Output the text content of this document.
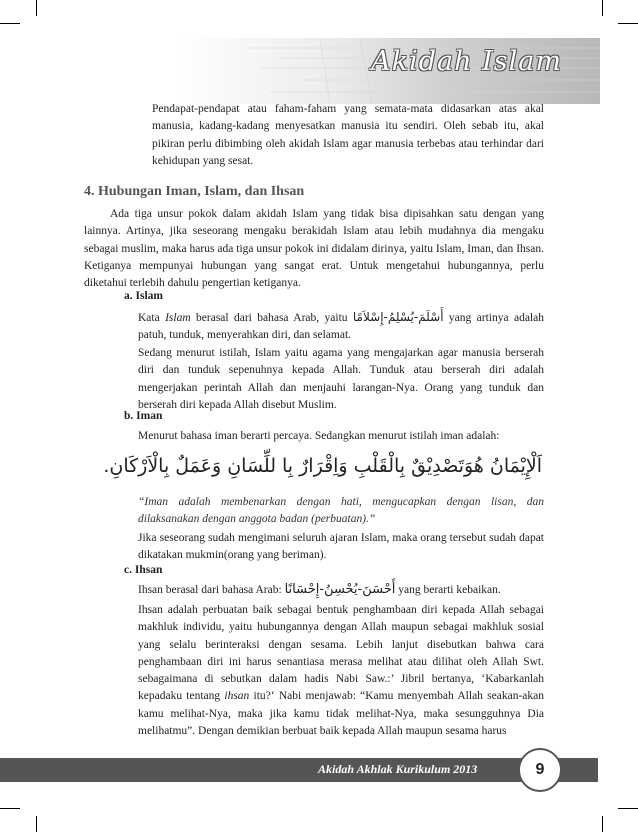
Akidah Islam

Pendapat-pendapat atau faham-faham yang semata-mata didasarkan atas akal manusia, kadang-kadang menyesatkan manusia itu sendiri. Oleh sebab itu, akal pikiran perlu dibimbing oleh akidah Islam agar manusia terbebas atau terhindar dari kehidupan yang sesat.

4. Hubungan Iman, Islam, dan Ihsan

Ada tiga unsur pokok dalam akidah Islam yang tidak bisa dipisahkan satu dengan yang lainnya. Artinya, jika seseorang mengaku berakidah Islam atau lebih mudahnya dia mengaku sebagai muslim, maka harus ada tiga unsur pokok ini didalam dirinya, yaitu Islam, Iman, dan Ihsan. Ketiganya mempunyai hubungan yang sangat erat. Untuk mengetahui hubungannya, perlu diketahui terlebih dahulu pengertian ketiganya.

a. Islam

Kata Islam berasal dari bahasa Arab, yaitu أَسْلَمَ-يُسْلِمُ-إِسْلاَمًا yang artinya adalah patuh, tunduk, menyerahkan diri, dan selamat.

Sedang menurut istilah, Islam yaitu agama yang mengajarkan agar manusia berserah diri dan tunduk sepenuhnya kepada Allah. Tunduk atau berserah diri adalah mengerjakan perintah Allah dan menjauhi larangan-Nya. Orang yang tunduk dan berserah diri kepada Allah disebut Muslim.

b. Iman

Menurut bahasa iman berarti percaya. Sedangkan menurut istilah iman adalah:

اَلْإِيْمَانُ هُوَتَصْدِيْقٌ بِالْقَلْبِ وَاِقْرَارٌ بِا للِّسَانِ وَعَمَلٌ بِالْاَرْكَانِ.

“Iman adalah membenarkan dengan hati, mengucapkan dengan lisan, dan dilaksanakan dengan anggota badan (perbuatan).”

Jika seseorang sudah mengimani seluruh ajaran Islam, maka orang tersebut sudah dapat dikatakan mukmin(orang yang beriman).

c. Ihsan

Ihsan berasal dari bahasa Arab: أَحْسَنَ-يُحْسِنُ-إِحْسَانًا yang berarti kebaikan.

Ihsan adalah perbuatan baik sebagai bentuk penghambaan diri kepada Allah sebagai makhluk individu, yaitu hubungannya dengan Allah maupun sebagai makhluk sosial yang selalu berinteraksi dengan sesama. Lebih lanjut disebutkan bahwa cara penghambaan diri ini harus senantiasa merasa melihat atau dilihat oleh Allah Swt. sebagaimana di sebutkan dalam hadis Nabi Saw.:’ Jibril bertanya, ‘Kabarkanlah kepadaku tentang ihsan itu?‘ Nabi menjawab: “Kamu menyembah Allah seakan-akan kamu melihat-Nya, maka jika kamu tidak melihat-Nya, maka sesungguhnya Dia melihatmu”. Dengan demikian berbuat baik kepada Allah maupun sesama harus

Akidah Akhlak Kurikulum 2013	9
